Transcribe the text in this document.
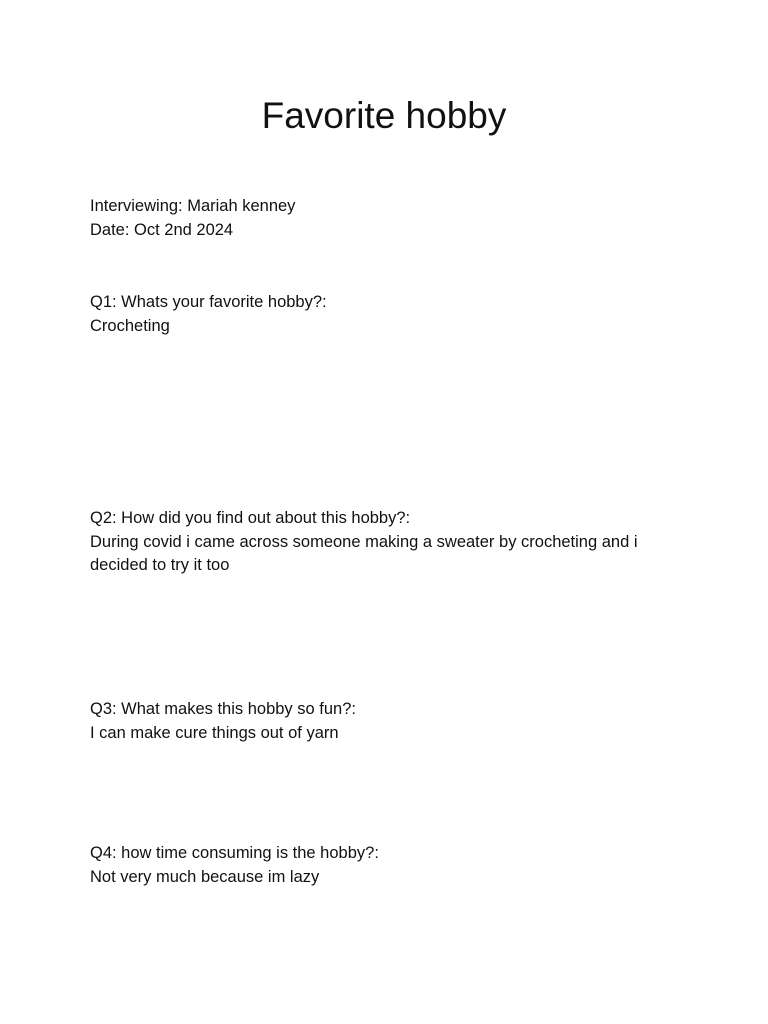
Favorite hobby

Interviewing: Mariah kenney

Date: Oct 2nd 2024

Q1: Whats your favorite hobby?:

Crocheting

Q2: How did you find out about this hobby?:

During covid i came across someone making a sweater by crocheting and i

decided to try it too

Q3: What makes this hobby so fun?:

I can make cure things out of yarn

Q4: how time consuming is the hobby?:

Not very much because im lazy
